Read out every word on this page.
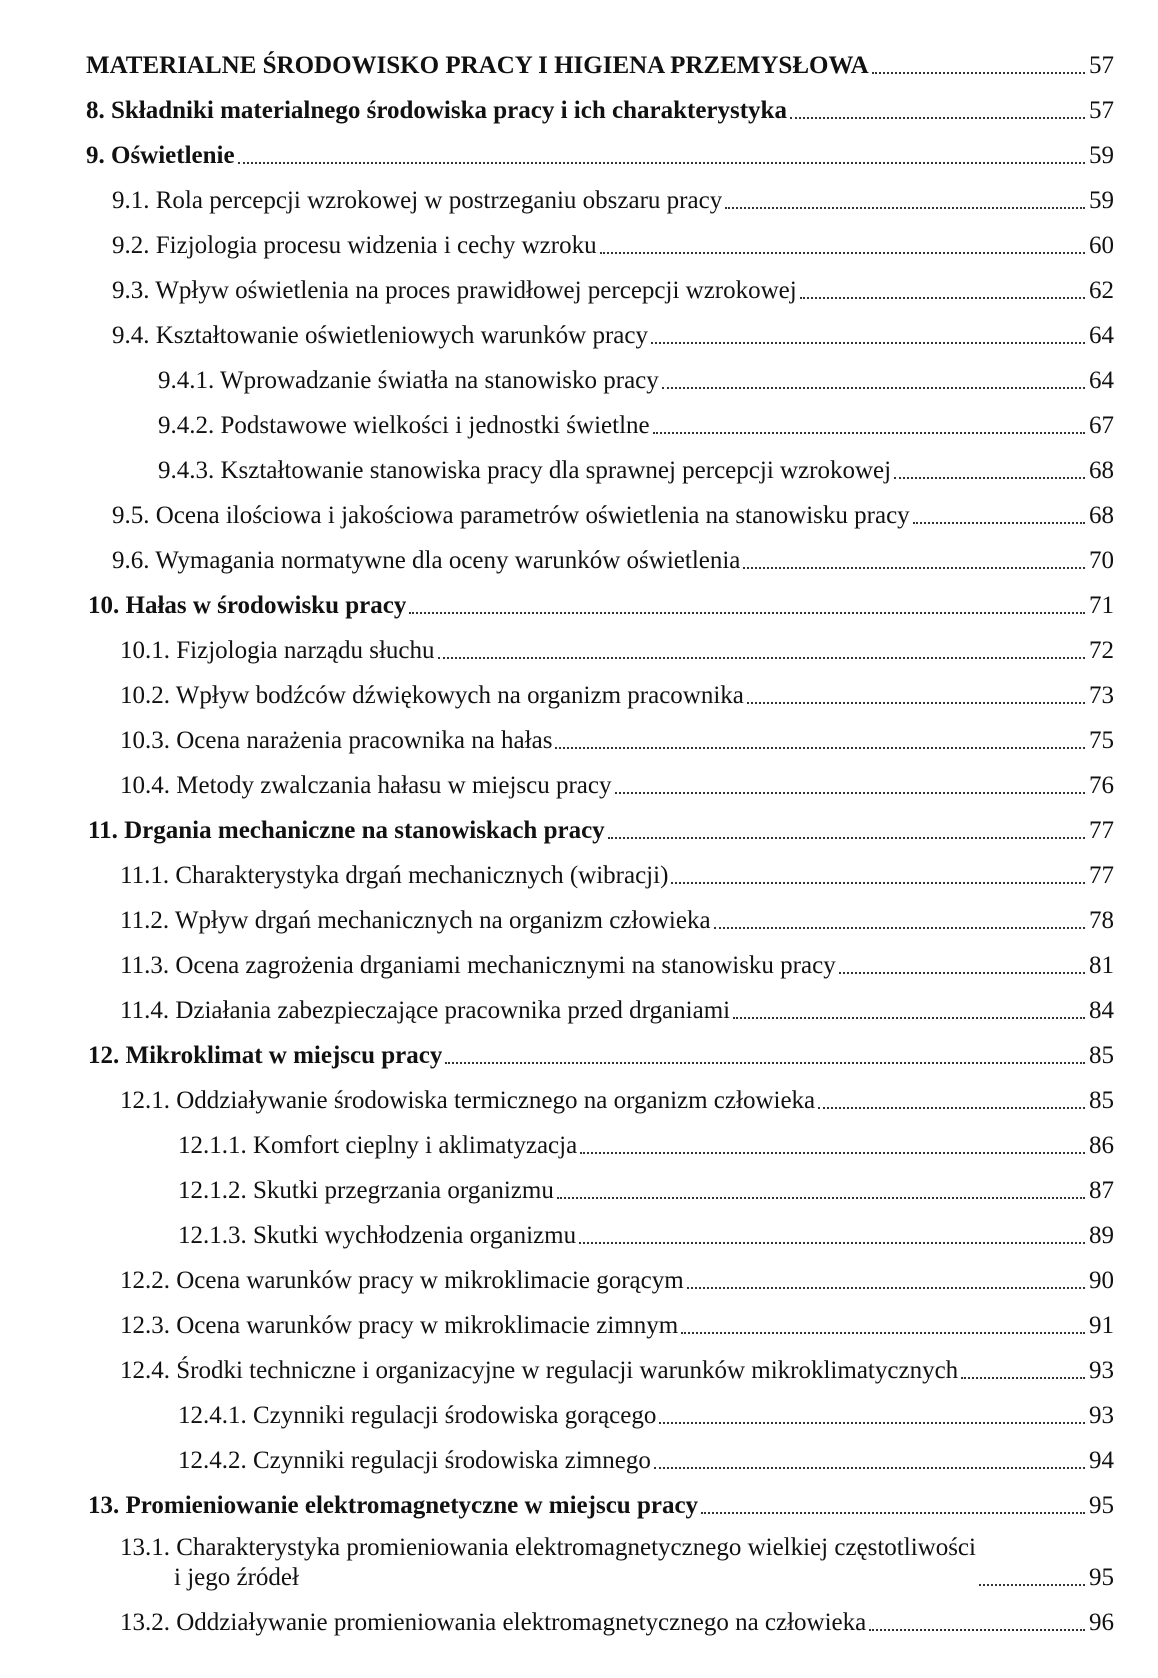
MATERIALNE ŚRODOWISKO PRACY I HIGIENA PRZEMYSŁOWA	57
8. Składniki materialnego środowiska pracy i ich charakterystyka	57
9. Oświetlenie	59
9.1. Rola percepcji wzrokowej w postrzeganiu obszaru pracy	59
9.2. Fizjologia procesu widzenia i cechy wzroku	60
9.3. Wpływ oświetlenia na proces prawidłowej percepcji wzrokowej	62
9.4. Kształtowanie oświetleniowych warunków pracy	64
9.4.1. Wprowadzanie światła na stanowisko pracy	64
9.4.2. Podstawowe wielkości i jednostki świetlne	67
9.4.3. Kształtowanie stanowiska pracy dla sprawnej percepcji wzrokowej	68
9.5. Ocena ilościowa i jakościowa parametrów oświetlenia na stanowisku pracy	68
9.6. Wymagania normatywne dla oceny warunków oświetlenia	70
10. Hałas w środowisku pracy	71
10.1. Fizjologia narządu słuchu	72
10.2. Wpływ bodźców dźwiękowych na organizm pracownika	73
10.3. Ocena narażenia pracownika na hałas	75
10.4. Metody zwalczania hałasu w miejscu pracy	76
11. Drgania mechaniczne na stanowiskach pracy	77
11.1. Charakterystyka drgań mechanicznych (wibracji)	77
11.2. Wpływ drgań mechanicznych na organizm człowieka	78
11.3. Ocena zagrożenia drganiami mechanicznymi na stanowisku pracy	81
11.4. Działania zabezpieczające pracownika przed drganiami	84
12. Mikroklimat w miejscu pracy	85
12.1. Oddziaływanie środowiska termicznego na organizm człowieka	85
12.1.1. Komfort cieplny i aklimatyzacja	86
12.1.2. Skutki przegrzania organizmu	87
12.1.3. Skutki wychłodzenia organizmu	89
12.2. Ocena warunków pracy w mikroklimacie gorącym	90
12.3. Ocena warunków pracy w mikroklimacie zimnym	91
12.4. Środki techniczne i organizacyjne w regulacji warunków mikroklimatycznych	93
12.4.1. Czynniki regulacji środowiska gorącego	93
12.4.2. Czynniki regulacji środowiska zimnego	94
13. Promieniowanie elektromagnetyczne w miejscu pracy	95
13.1. Charakterystyka promieniowania elektromagnetycznego wielkiej częstotliwości
i jego źródeł	95
13.2. Oddziaływanie promieniowania elektromagnetycznego na człowieka	96
